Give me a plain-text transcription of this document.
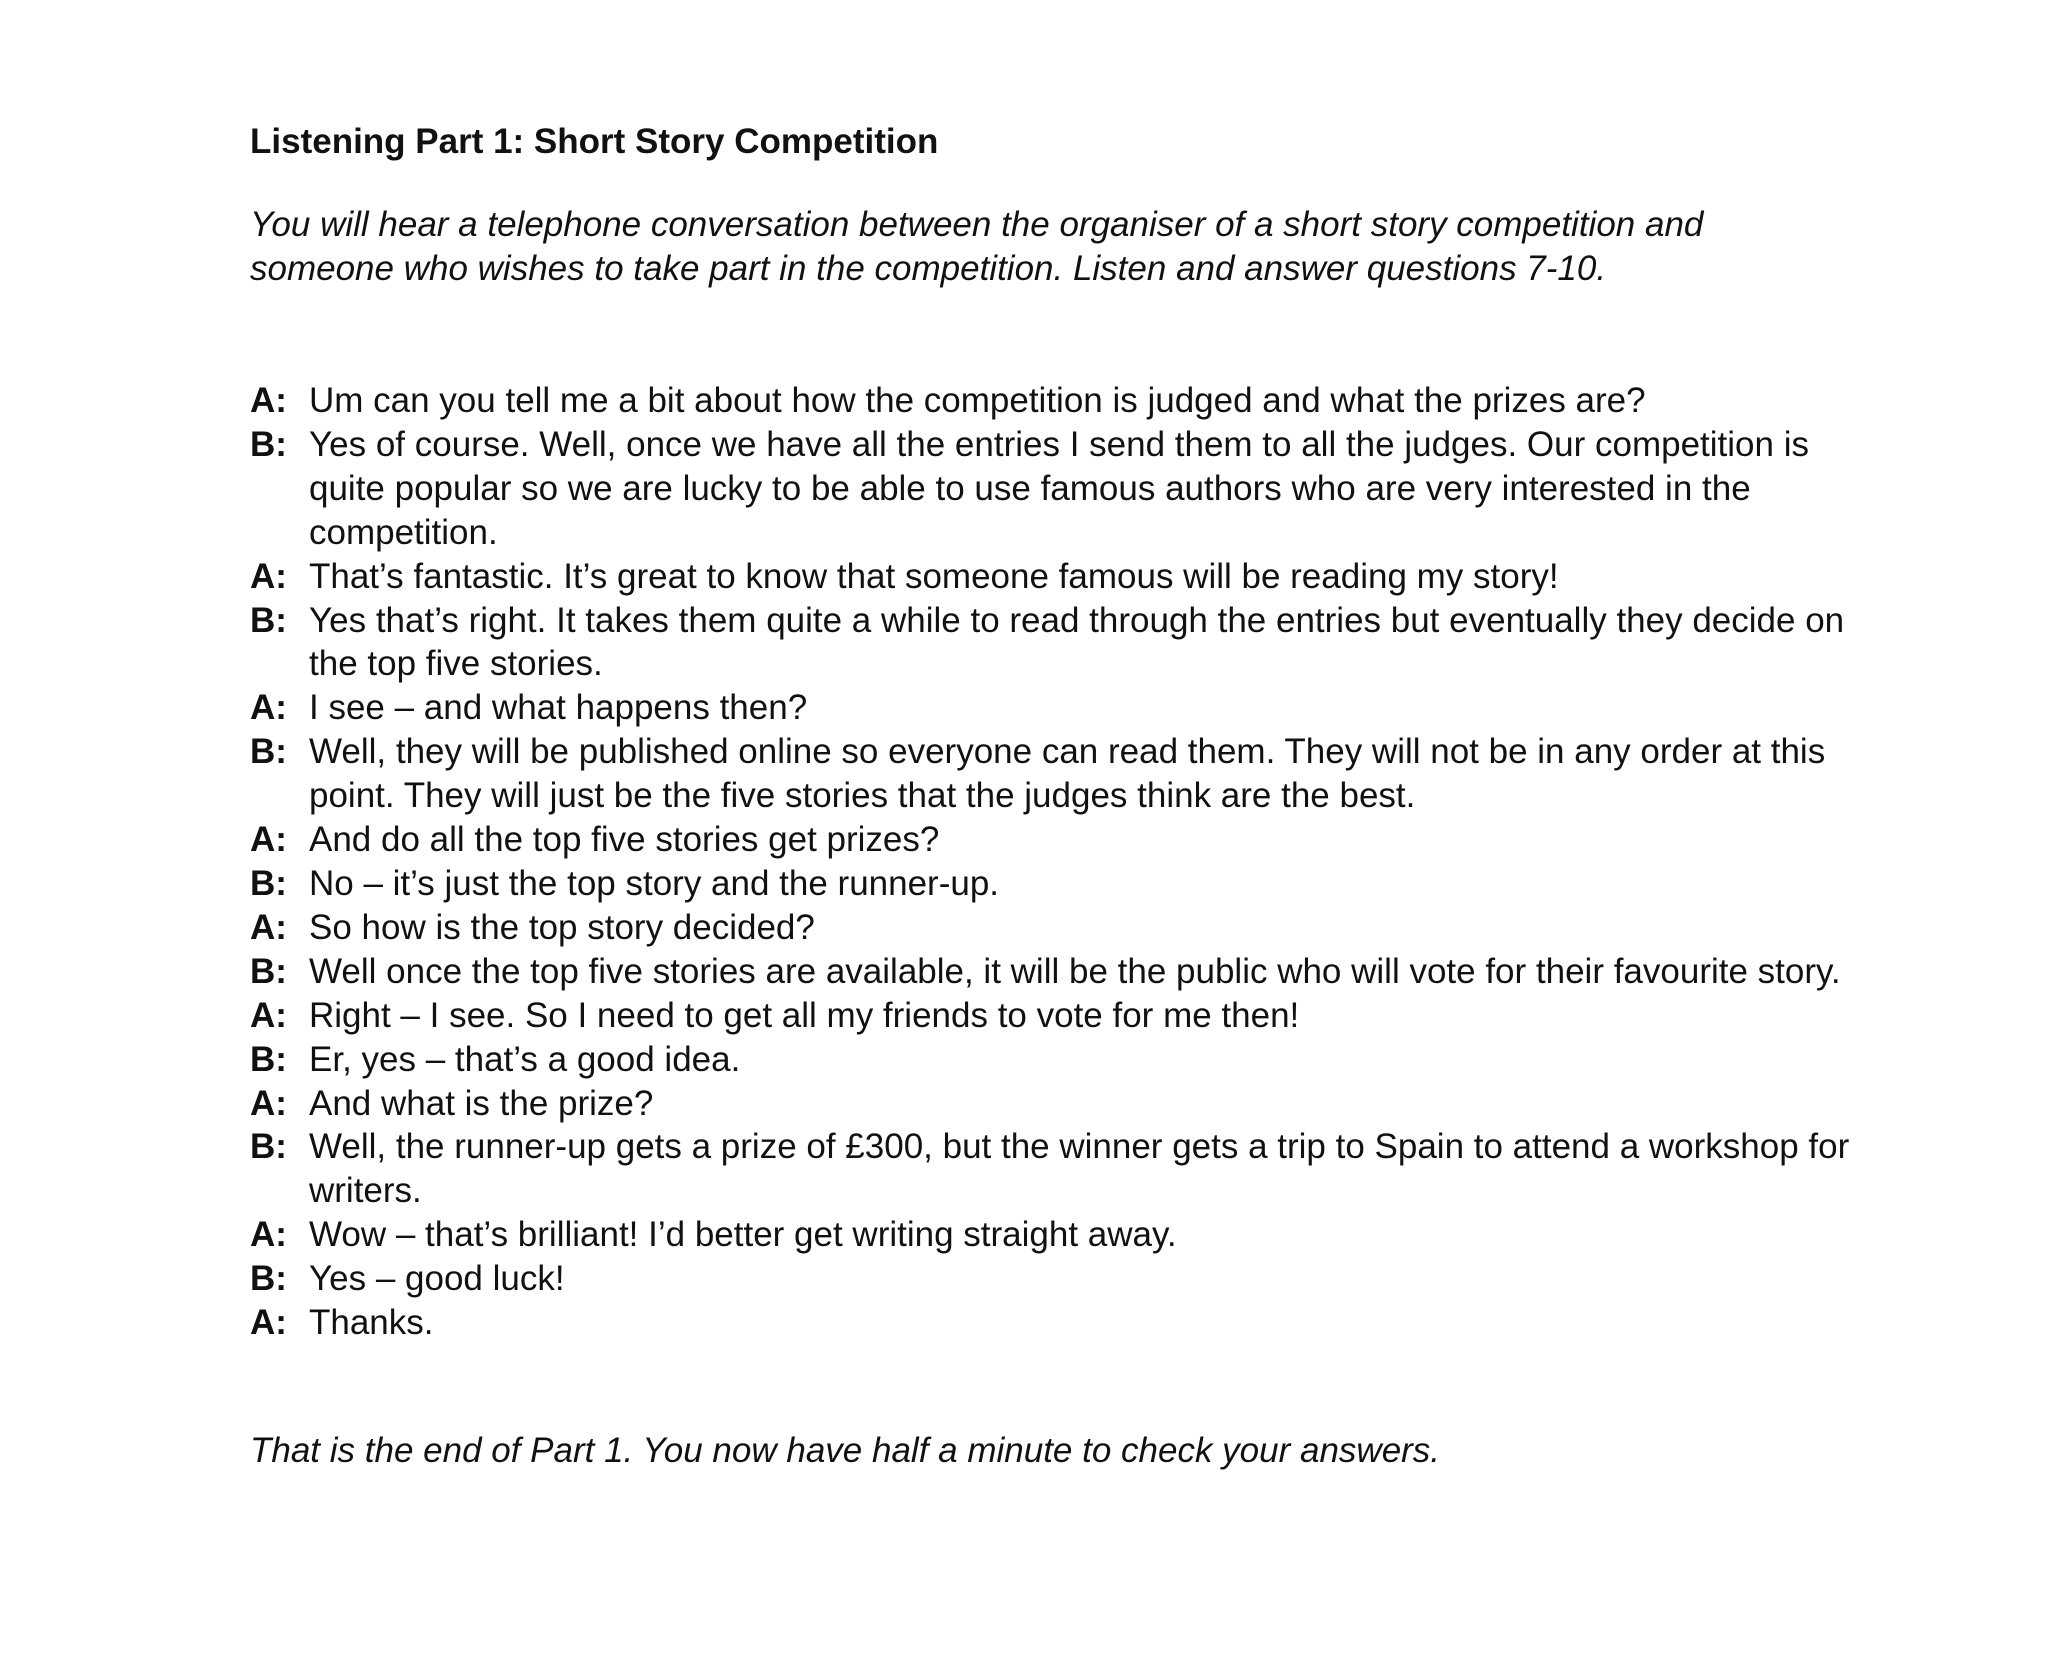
Listening Part 1: Short Story Competition

You will hear a telephone conversation between the organiser of a short story competition and someone who wishes to take part in the competition. Listen and answer questions 7-10.

A: Um can you tell me a bit about how the competition is judged and what the prizes are?
B: Yes of course. Well, once we have all the entries I send them to all the judges. Our competition is quite popular so we are lucky to be able to use famous authors who are very interested in the competition.
A: That’s fantastic. It’s great to know that someone famous will be reading my story!
B: Yes that’s right. It takes them quite a while to read through the entries but eventually they decide on the top five stories.
A: I see – and what happens then?
B: Well, they will be published online so everyone can read them. They will not be in any order at this point. They will just be the five stories that the judges think are the best.
A: And do all the top five stories get prizes?
B: No – it’s just the top story and the runner-up.
A: So how is the top story decided?
B: Well once the top five stories are available, it will be the public who will vote for their favourite story.
A: Right – I see. So I need to get all my friends to vote for me then!
B: Er, yes – that’s a good idea.
A: And what is the prize?
B: Well, the runner-up gets a prize of £300, but the winner gets a trip to Spain to attend a workshop for writers.
A: Wow – that’s brilliant! I’d better get writing straight away.
B: Yes – good luck!
A: Thanks.

That is the end of Part 1. You now have half a minute to check your answers.
